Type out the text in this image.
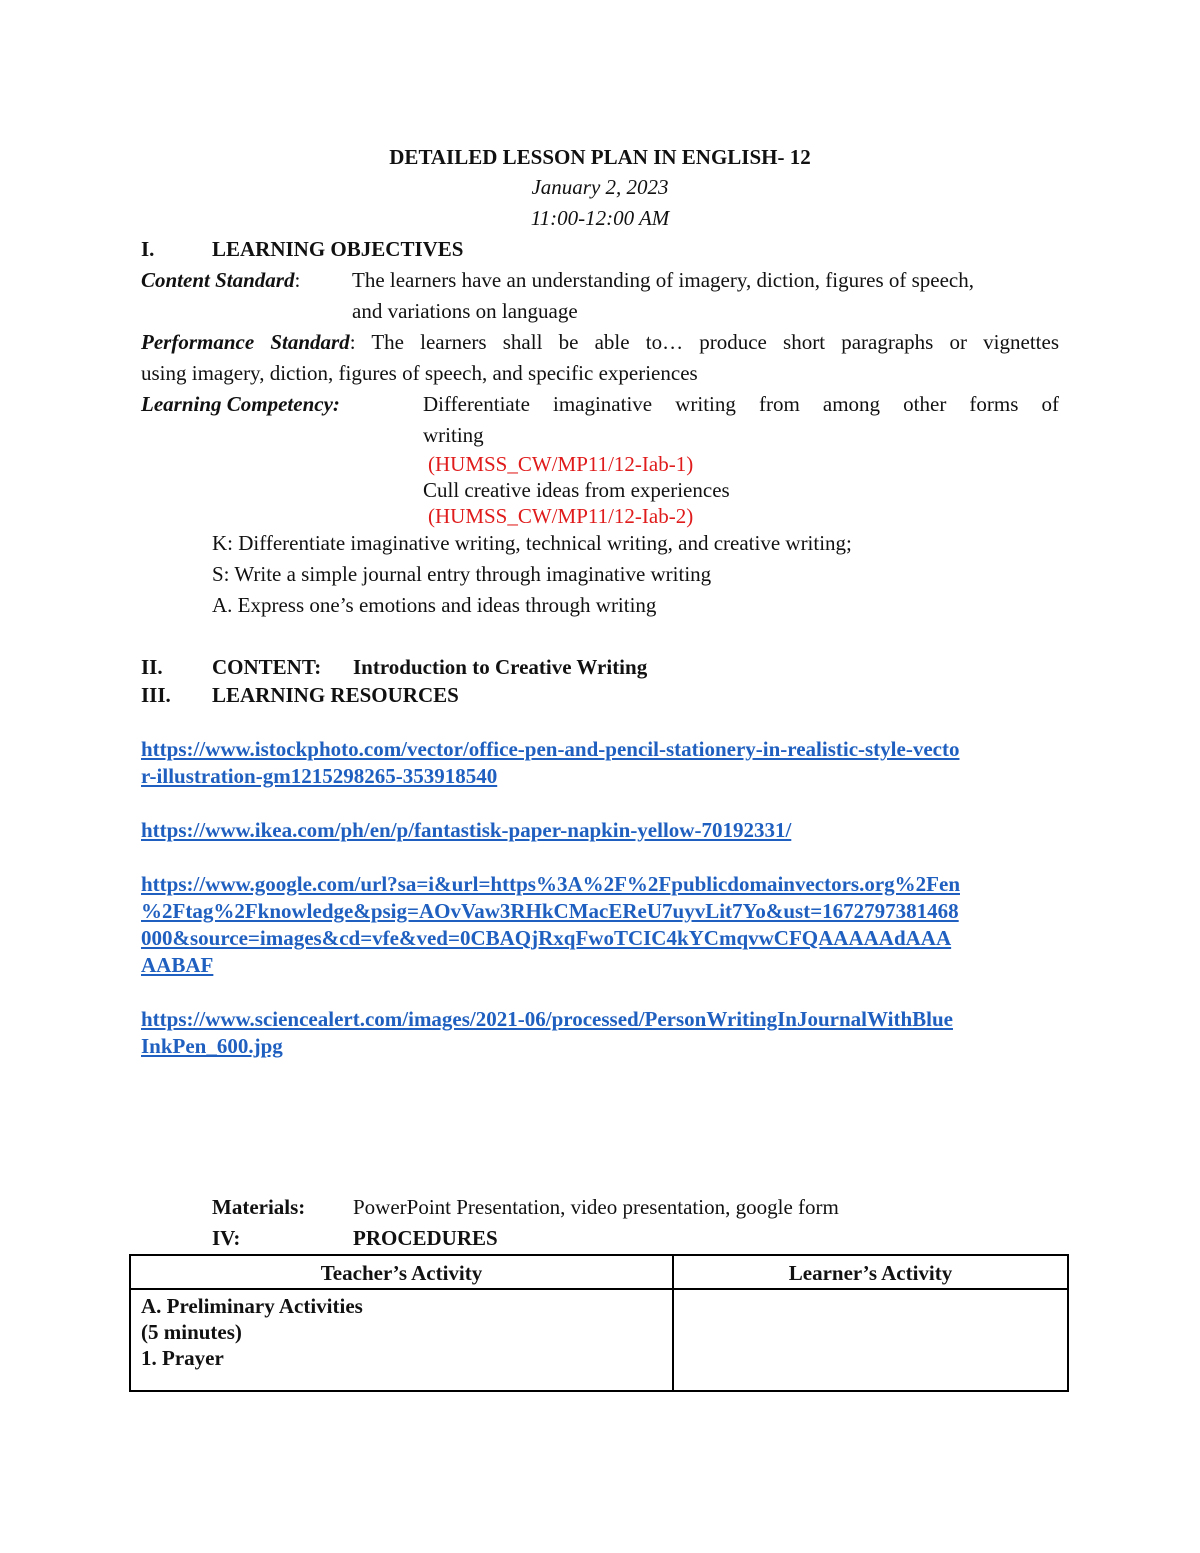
DETAILED LESSON PLAN IN ENGLISH- 12
January 2, 2023
11:00-12:00 AM
I.	LEARNING OBJECTIVES
Content Standard: The learners have an understanding of imagery, diction, figures of speech,
and variations on language
Performance Standard: The learners shall be able to… produce short paragraphs or vignettes
using imagery, diction, figures of speech, and specific experiences
Learning Competency:	Differentiate imaginative writing from among other forms of
writing
(HUMSS_CW/MP11/12-Iab-1)
Cull creative ideas from experiences
(HUMSS_CW/MP11/12-Iab-2)
K: Differentiate imaginative writing, technical writing, and creative writing;
S: Write a simple journal entry through imaginative writing
A. Express one’s emotions and ideas through writing
II. CONTENT: Introduction to Creative Writing
III. LEARNING RESOURCES
https://www.istockphoto.com/vector/office-pen-and-pencil-stationery-in-realistic-style-vecto
r-illustration-gm1215298265-353918540
https://www.ikea.com/ph/en/p/fantastisk-paper-napkin-yellow-70192331/
https://www.google.com/url?sa=i&url=https%3A%2F%2Fpublicdomainvectors.org%2Fen
%2Ftag%2Fknowledge&psig=AOvVaw3RHkCMacEReU7uyvLit7Yo&ust=1672797381468
000&source=images&cd=vfe&ved=0CBAQjRxqFwoTCIC4kYCmqvwCFQAAAAAdAAA
AABAF
https://www.sciencealert.com/images/2021-06/processed/PersonWritingInJournalWithBlue
InkPen_600.jpg
Materials: PowerPoint Presentation, video presentation, google form
IV:	PROCEDURES
Teacher’s Activity	Learner’s Activity
A. Preliminary Activities
(5 minutes)
1. Prayer
